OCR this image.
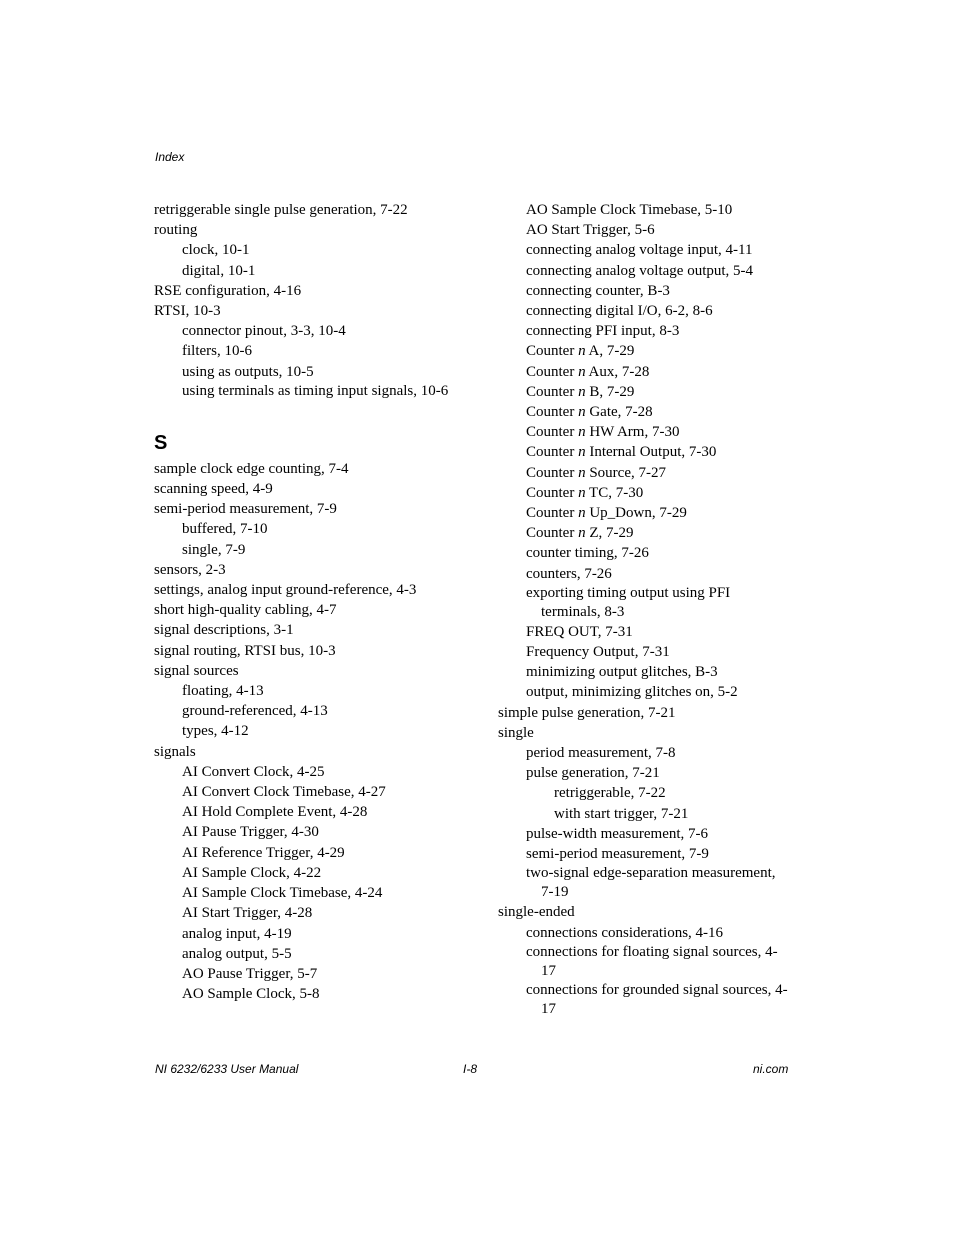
Index
retriggerable single pulse generation, 7-22
routing
clock, 10-1
digital, 10-1
RSE configuration, 4-16
RTSI, 10-3
connector pinout, 3-3, 10-4
filters, 10-6
using as outputs, 10-5
using terminals as timing input signals, 10-6
S
sample clock edge counting, 7-4
scanning speed, 4-9
semi-period measurement, 7-9
buffered, 7-10
single, 7-9
sensors, 2-3
settings, analog input ground-reference, 4-3
short high-quality cabling, 4-7
signal descriptions, 3-1
signal routing, RTSI bus, 10-3
signal sources
floating, 4-13
ground-referenced, 4-13
types, 4-12
signals
AI Convert Clock, 4-25
AI Convert Clock Timebase, 4-27
AI Hold Complete Event, 4-28
AI Pause Trigger, 4-30
AI Reference Trigger, 4-29
AI Sample Clock, 4-22
AI Sample Clock Timebase, 4-24
AI Start Trigger, 4-28
analog input, 4-19
analog output, 5-5
AO Pause Trigger, 5-7
AO Sample Clock, 5-8
AO Sample Clock Timebase, 5-10
AO Start Trigger, 5-6
connecting analog voltage input, 4-11
connecting analog voltage output, 5-4
connecting counter, B-3
connecting digital I/O, 6-2, 8-6
connecting PFI input, 8-3
Counter n A, 7-29
Counter n Aux, 7-28
Counter n B, 7-29
Counter n Gate, 7-28
Counter n HW Arm, 7-30
Counter n Internal Output, 7-30
Counter n Source, 7-27
Counter n TC, 7-30
Counter n Up_Down, 7-29
Counter n Z, 7-29
counter timing, 7-26
counters, 7-26
exporting timing output using PFI terminals, 8-3
FREQ OUT, 7-31
Frequency Output, 7-31
minimizing output glitches, B-3
output, minimizing glitches on, 5-2
simple pulse generation, 7-21
single
period measurement, 7-8
pulse generation, 7-21
retriggerable, 7-22
with start trigger, 7-21
pulse-width measurement, 7-6
semi-period measurement, 7-9
two-signal edge-separation measurement, 7-19
single-ended
connections considerations, 4-16
connections for floating signal sources, 4-17
connections for grounded signal sources, 4-17
NI 6232/6233 User Manual	I-8	ni.com
